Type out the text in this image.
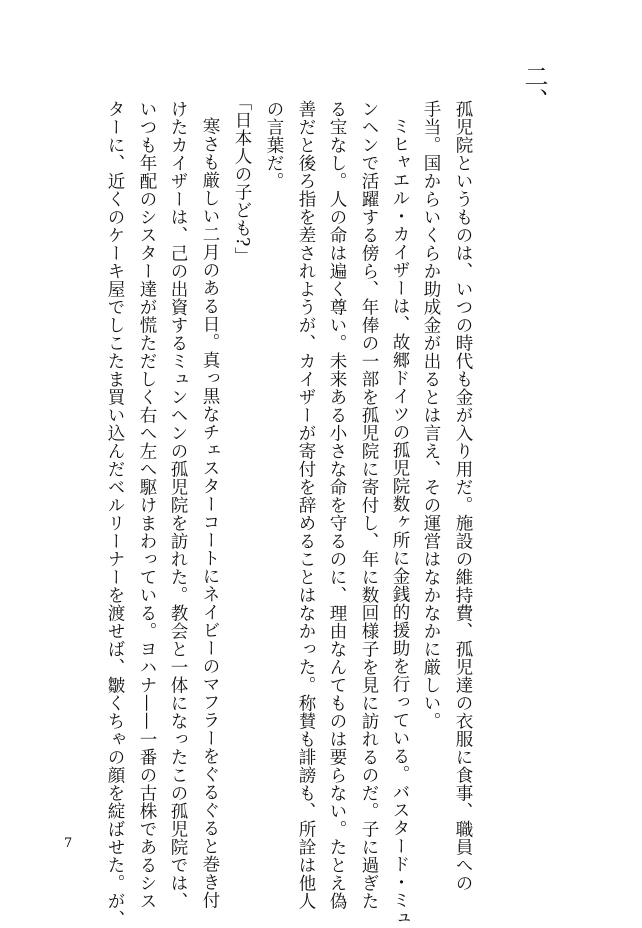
二、
孤児院というものは、いつの時代も金が入り用だ。施設の維持費、孤児達の衣服に食事、職員への
手当。国からいくらか助成金が出るとは言え、その運営はなかなかに厳しい。
ミヒャエル・カイザーは、故郷ドイツの孤児院数ヶ所に金銭的援助を行っている。バスタード・ミュ
ンヘンで活躍する傍ら、年俸の一部を孤児院に寄付し、年に数回様子を見に訪れるのだ。子に過ぎた
る宝なし。人の命は遍く尊い。未来ある小さな命を守るのに、理由なんてものは要らない。たとえ偽
善だと後ろ指を差されようが、カイザーが寄付を辞めることはなかった。称賛も誹謗も、所詮は他人
の言葉だ。
「日本人の子ども?」
寒さも厳しい二月のある日。真っ黒なチェスターコートにネイビーのマフラーをぐるぐると巻き付
けたカイザーは、己の出資するミュンヘンの孤児院を訪れた。教会と一体になったこの孤児院では、
いつも年配のシスター達が慌ただしく右へ左へ駆けまわっている。ヨハナ——一番の古株であるシス
ターに、近くのケーキ屋でしこたま買い込んだベルリーナーを渡せば、皺くちゃの顔を綻ばせた。が、
7
